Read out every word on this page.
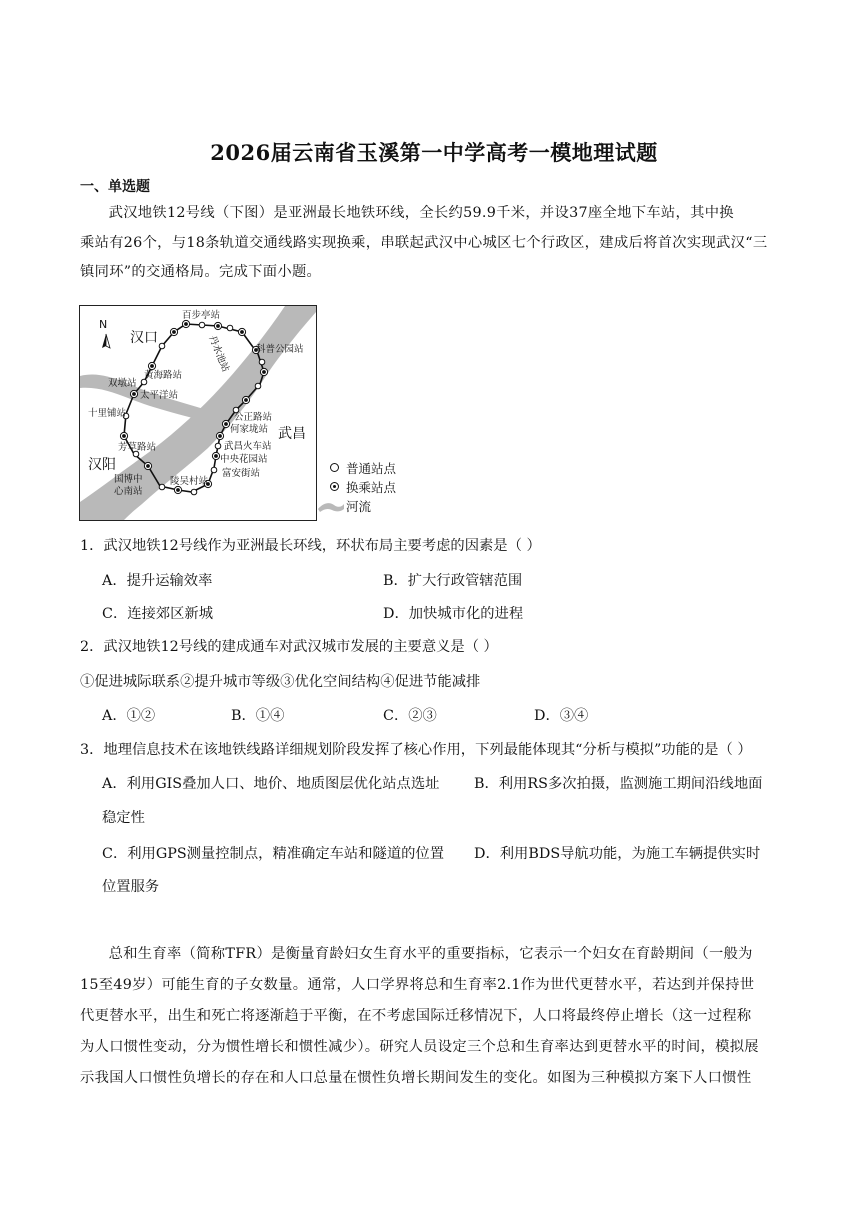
2026届云南省玉溪第一中学高考一模地理试题
一、单选题

武汉地铁12号线（下图）是亚洲最长地铁环线，全长约59.9千米，并设37座全地下车站，其中换

乘站有26个，与18条轨道交通线路实现换乘，串联起武汉中心城区七个行政区，建成后将首次实现武汉“三

镇同环”的交通格局。完成下面小题。

N
汉口
武昌
汉阳
百步亭站
科普公园站
黄海路站
双墩站
太平洋站
十里铺站
芳草路站
国博中
心南站
陵吴村站
公正路站
何家垅站
武昌火车站
中央花园站
富安街站
丹水池站
普通站点
换乘站点
河流
1．武汉地铁12号线作为亚洲最长环线，环状布局主要考虑的因素是（ ）
A．提升运输效率	B．扩大行政管辖范围
C．连接郊区新城	D．加快城市化的进程
2．武汉地铁12号线的建成通车对武汉城市发展的主要意义是（ ）
①促进城际联系②提升城市等级③优化空间结构④促进节能减排
A．①②	B．①④	C．②③	D．③④
3．地理信息技术在该地铁线路详细规划阶段发挥了核心作用，下列最能体现其“分析与模拟”功能的是（ ）
A．利用GIS叠加人口、地价、地质图层优化站点选址 B．利用RS多次拍摄，监测施工期间沿线地面
稳定性
C．利用GPS测量控制点，精准确定车站和隧道的位置 D．利用BDS导航功能，为施工车辆提供实时
位置服务

总和生育率（简称TFR）是衡量育龄妇女生育水平的重要指标，它表示一个妇女在育龄期间（一般为

15至49岁）可能生育的子女数量。通常，人口学界将总和生育率2.1作为世代更替水平，若达到并保持世

代更替水平，出生和死亡将逐渐趋于平衡，在不考虑国际迁移情况下，人口将最终停止增长（这一过程称

为人口惯性变动，分为惯性增长和惯性减少）。研究人员设定三个总和生育率达到更替水平的时间，模拟展

示我国人口惯性负增长的存在和人口总量在惯性负增长期间发生的变化。如图为三种模拟方案下人口惯性
